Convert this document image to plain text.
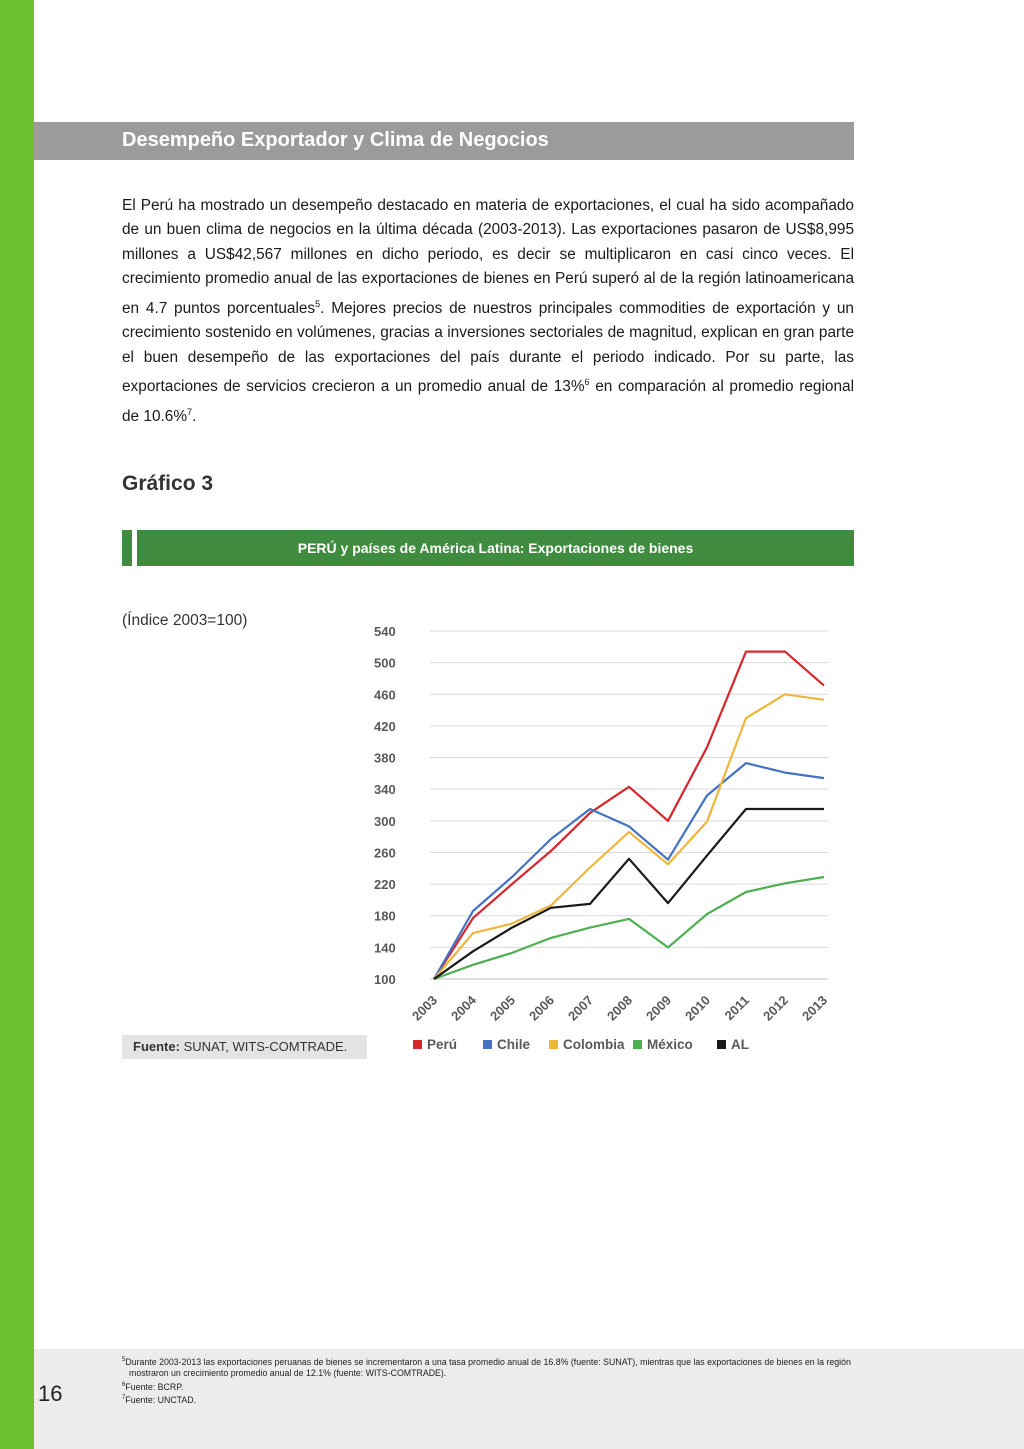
Desempeño Exportador y Clima de Negocios
El Perú ha mostrado un desempeño destacado en materia de exportaciones, el cual ha sido acompañado de un buen clima de negocios en la última década (2003-2013). Las exportaciones pasaron de US$8,995 millones a US$42,567 millones en dicho periodo, es decir se multiplicaron en casi cinco veces. El crecimiento promedio anual de las exportaciones de bienes en Perú superó al de la región latinoamericana en 4.7 puntos porcentuales$^5$. Mejores precios de nuestros principales commodities de exportación y un crecimiento sostenido en volúmenes, gracias a inversiones sectoriales de magnitud, explican en gran parte el buen desempeño de las exportaciones del país durante el periodo indicado. Por su parte, las exportaciones de servicios crecieron a un promedio anual de 13%$^6$ en comparación al promedio regional de 10.6%$^7$.
Gráfico 3
PERÚ y países de América Latina: Exportaciones de bienes
(Índice 2003=100)
100
140
180
220
260
300
340
380
420
460
500
540
2003 2004 2005 2006 2007 2008 2009 2010 2011 2012 2013
Perú	Chile Colombia México	AL
Fuente: SUNAT, WITS-COMTRADE.
$^5$Durante 2003-2013 las exportaciones peruanas de bienes se incrementaron a una tasa promedio anual de 16.8% (fuente: SUNAT), mientras que las exportaciones de bienes en la región mostraron un crecimiento promedio anual de 12.1% (fuente: WITS-COMTRADE).
$^6$Fuente: BCRP.
$^7$Fuente: UNCTAD.
16
